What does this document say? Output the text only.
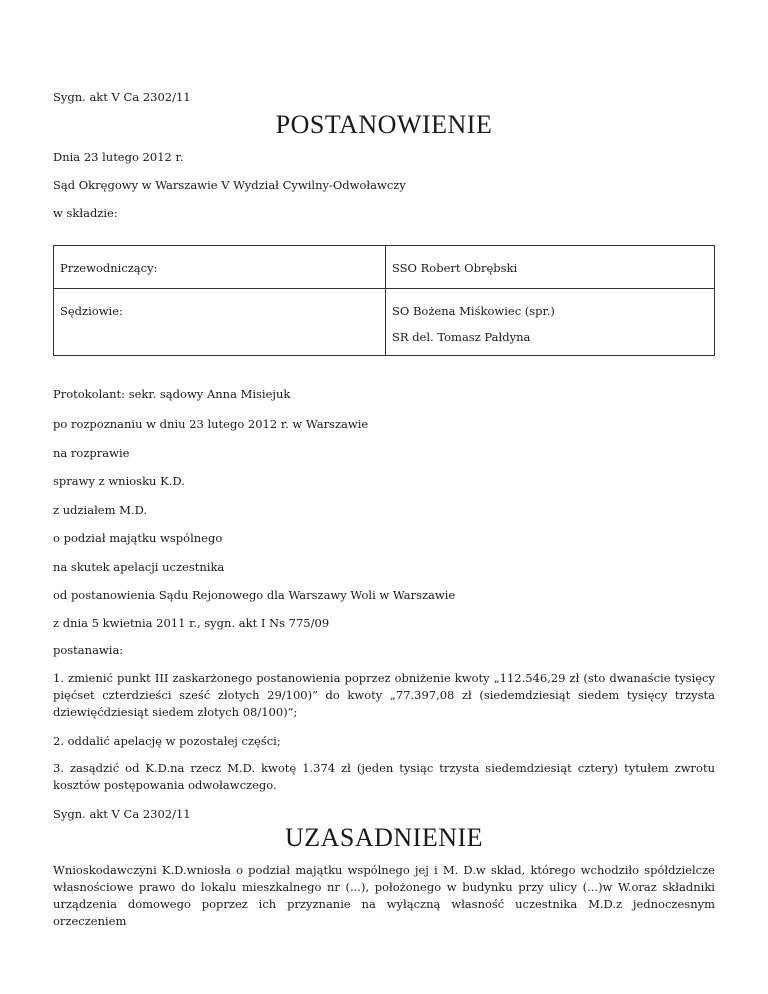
Sygn. akt V Ca 2302/11
POSTANOWIENIE
Dnia 23 lutego 2012 r.
Sąd Okręgowy w Warszawie V Wydział Cywilny-Odwoławczy
w składzie:
Przewodniczący:	SSO Robert Obrębski

Sędziowie:	SO Bożena Miśkowiec (spr.)
SR del. Tomasz Pałdyna
Protokolant: sekr. sądowy Anna Misiejuk
po rozpoznaniu w dniu 23 lutego 2012 r. w Warszawie
na rozprawie
sprawy z wniosku K.D.
z udziałem M.D.
o podział majątku wspólnego
na skutek apelacji uczestnika
od postanowienia Sądu Rejonowego dla Warszawy Woli w Warszawie
z dnia 5 kwietnia 2011 r., sygn. akt I Ns 775/09
postanawia:
1. zmienić punkt III zaskarżonego postanowienia poprzez obniżenie kwoty „112.546,29 zł (sto dwanaście tysięcy pięćset czterdzieści sześć złotych 29/100)” do kwoty „77.397,08 zł (siedemdziesiąt siedem tysięcy trzysta dziewięćdziesiąt siedem złotych 08/100)”;
2. oddalić apelację w pozostałej części;
3. zasądzić od K.D.na rzecz M.D. kwotę 1.374 zł (jeden tysiąc trzysta siedemdziesiąt cztery) tytułem zwrotu kosztów postępowania odwoławczego.
Sygn. akt V Ca 2302/11
UZASADNIENIE
Wnioskodawczyni K.D.wniosła o podział majątku wspólnego jej i M. D.w skład, którego wchodziło spółdzielcze własnościowe prawo do lokalu mieszkalnego nr (...), położonego w budynku przy ulicy (...)w W.oraz składniki urządzenia domowego poprzez ich przyznanie na wyłączną własność uczestnika M.D.z jednoczesnym orzeczeniem
